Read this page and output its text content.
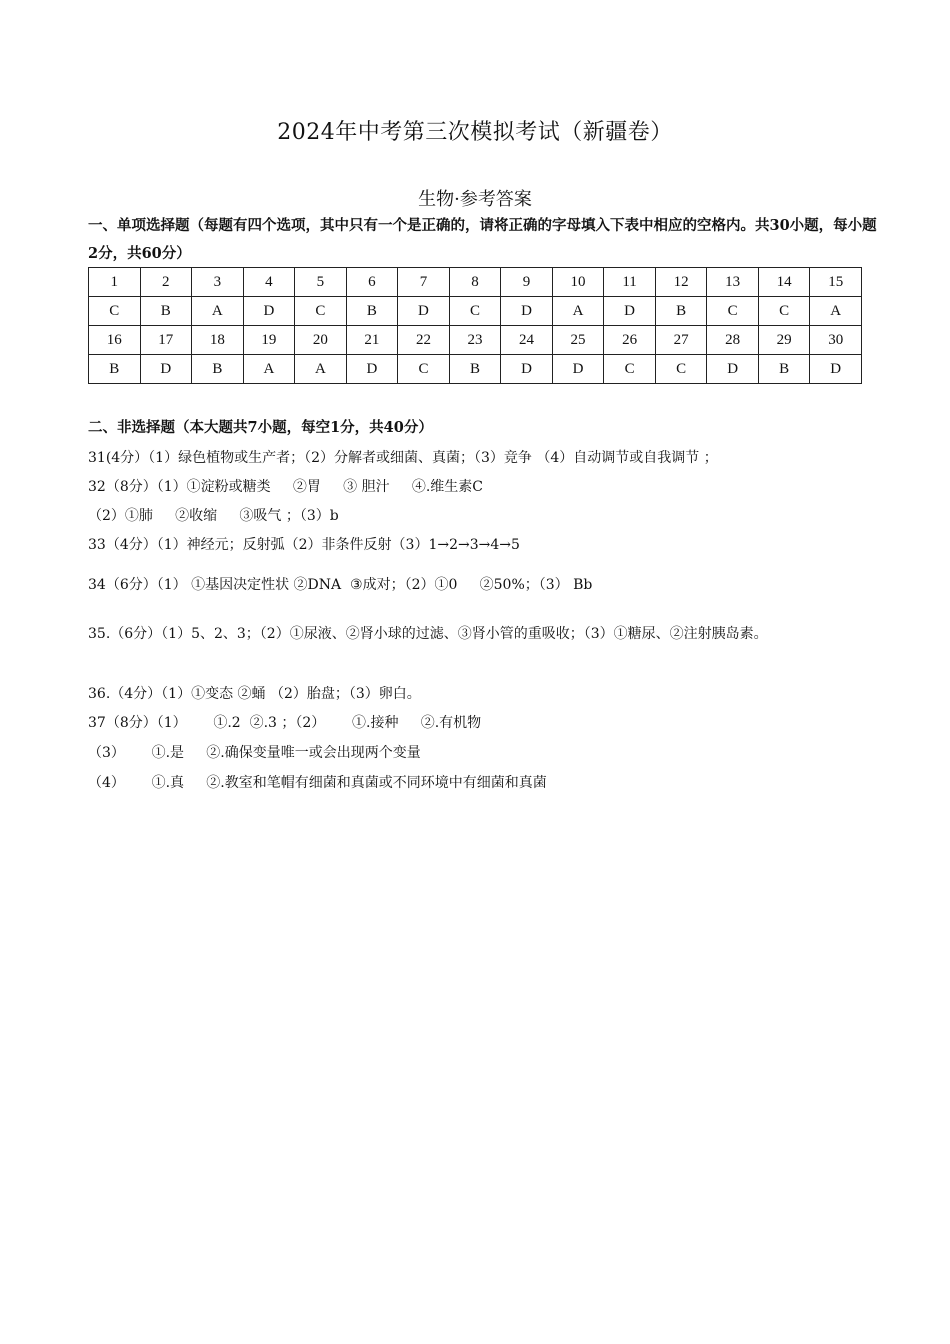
2024年中考第三次模拟考试（新疆卷）
生物·参考答案
一、单项选择题（每题有四个选项，其中只有一个是正确的，请将正确的字母填入下表中相应的空格内。共30小题，每小题2分，共60分）
1	2	3	4	5	6	7	8	9	10	11	12	13	14	15
C	B	A	D	C	B	D	C	D	A	D	B	C	C	A
16	17	18	19	20	21	22	23	24	25	26	27	28	29	30
B	D	B	A	A	D	C	B	D	D	C	C	D	B	D
二、非选择题（本大题共7小题，每空1分，共40分）
31(4分）（1）绿色植物或生产者；（2）分解者或细菌、真菌；（3）竞争 （4）自动调节或自我调节 ；
32（8分）（1）①淀粉或糖类     ②胃     ③ 胆汁     ④.维生素C
（2）①肺     ②收缩     ③吸气 ；（3）b
33（4分）（1）神经元；反射弧（2）非条件反射（3）1→2→3→4→5
34（6分）（1） ①基因决定性状 ②DNA  ③成对；（2）①0     ②50%；（3） Bb
35.（6分）（1）5、2、3；（2）①尿液、②肾小球的过滤、③肾小管的重吸收；（3）①糖尿、②注射胰岛素。
36.（4分）（1）①变态 ②蛹 （2）胎盘；（3）卵白。
37（8分）（1）      ①.2  ②.3 ；（2）      ①.接种     ②.有机物
（3）      ①.是     ②.确保变量唯一或会出现两个变量
（4）      ①.真     ②.教室和笔帽有细菌和真菌或不同环境中有细菌和真菌
